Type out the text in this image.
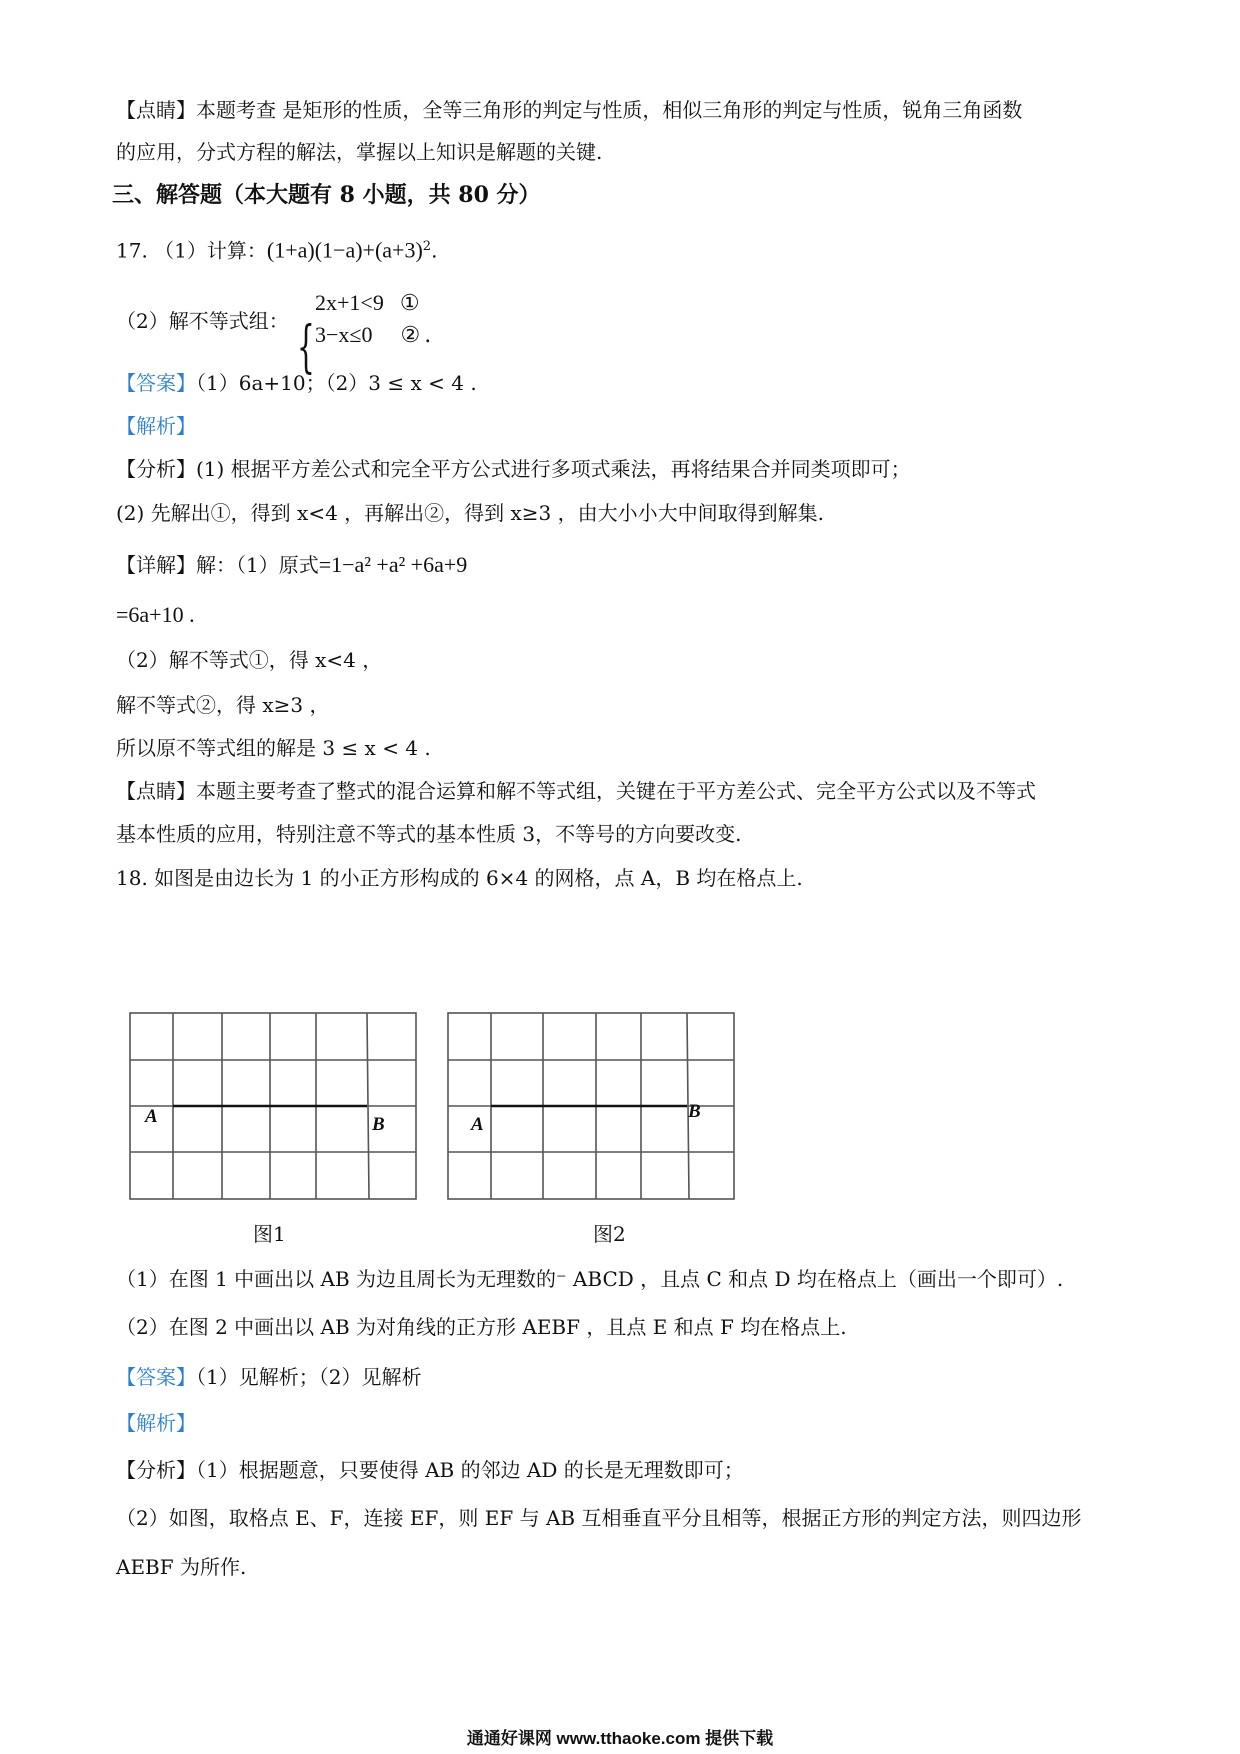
【点睛】本题考查 是矩形的性质，全等三角形的判定与性质，相似三角形的判定与性质，锐角三角函数
的应用，分式方程的解法，掌握以上知识是解题的关键.
三、解答题（本大题有 8 小题，共 80 分）
17. （1）计算：$(1+a)(1-a)+(a+3)^2$.
（2）解不等式组： {
2x+1<9 ①
3−x≤0 ② .
【答案】（1）6a+10；（2）3 ≤ x < 4 .
【解析】
【分析】(1) 根据平方差公式和完全平方公式进行多项式乘法，再将结果合并同类项即可；
(2) 先解出①，得到 x<4 ，再解出②，得到 x≥3 ，由大小小大中间取得到解集.
【详解】解：（1）原式=1−a² +a² +6a+9
=6a+10 .
（2）解不等式①，得 x<4 ，
解不等式②，得 x≥3 ，
所以原不等式组的解是 3 ≤ x < 4 .
【点睛】本题主要考查了整式的混合运算和解不等式组，关键在于平方差公式、完全平方公式以及不等式
基本性质的应用，特别注意不等式的基本性质 3，不等号的方向要改变.
18. 如图是由边长为 1 的小正方形构成的 6×4 的网格，点 A，B 均在格点上.
A	B
图1
A
B
图2
（1）在图 1 中画出以 AB 为边且周长为无理数的⁻ ABCD ，且点 C 和点 D 均在格点上（画出一个即可）.
（2）在图 2 中画出以 AB 为对角线的正方形 AEBF ，且点 E 和点 F 均在格点上.
【答案】（1）见解析；（2）见解析
【解析】
【分析】（1）根据题意，只要使得 AB 的邻边 AD 的长是无理数即可；
（2）如图，取格点 E、F，连接 EF，则 EF 与 AB 互相垂直平分且相等，根据正方形的判定方法，则四边形
AEBF 为所作.
通通好课网 www.tthaoke.com 提供下载
